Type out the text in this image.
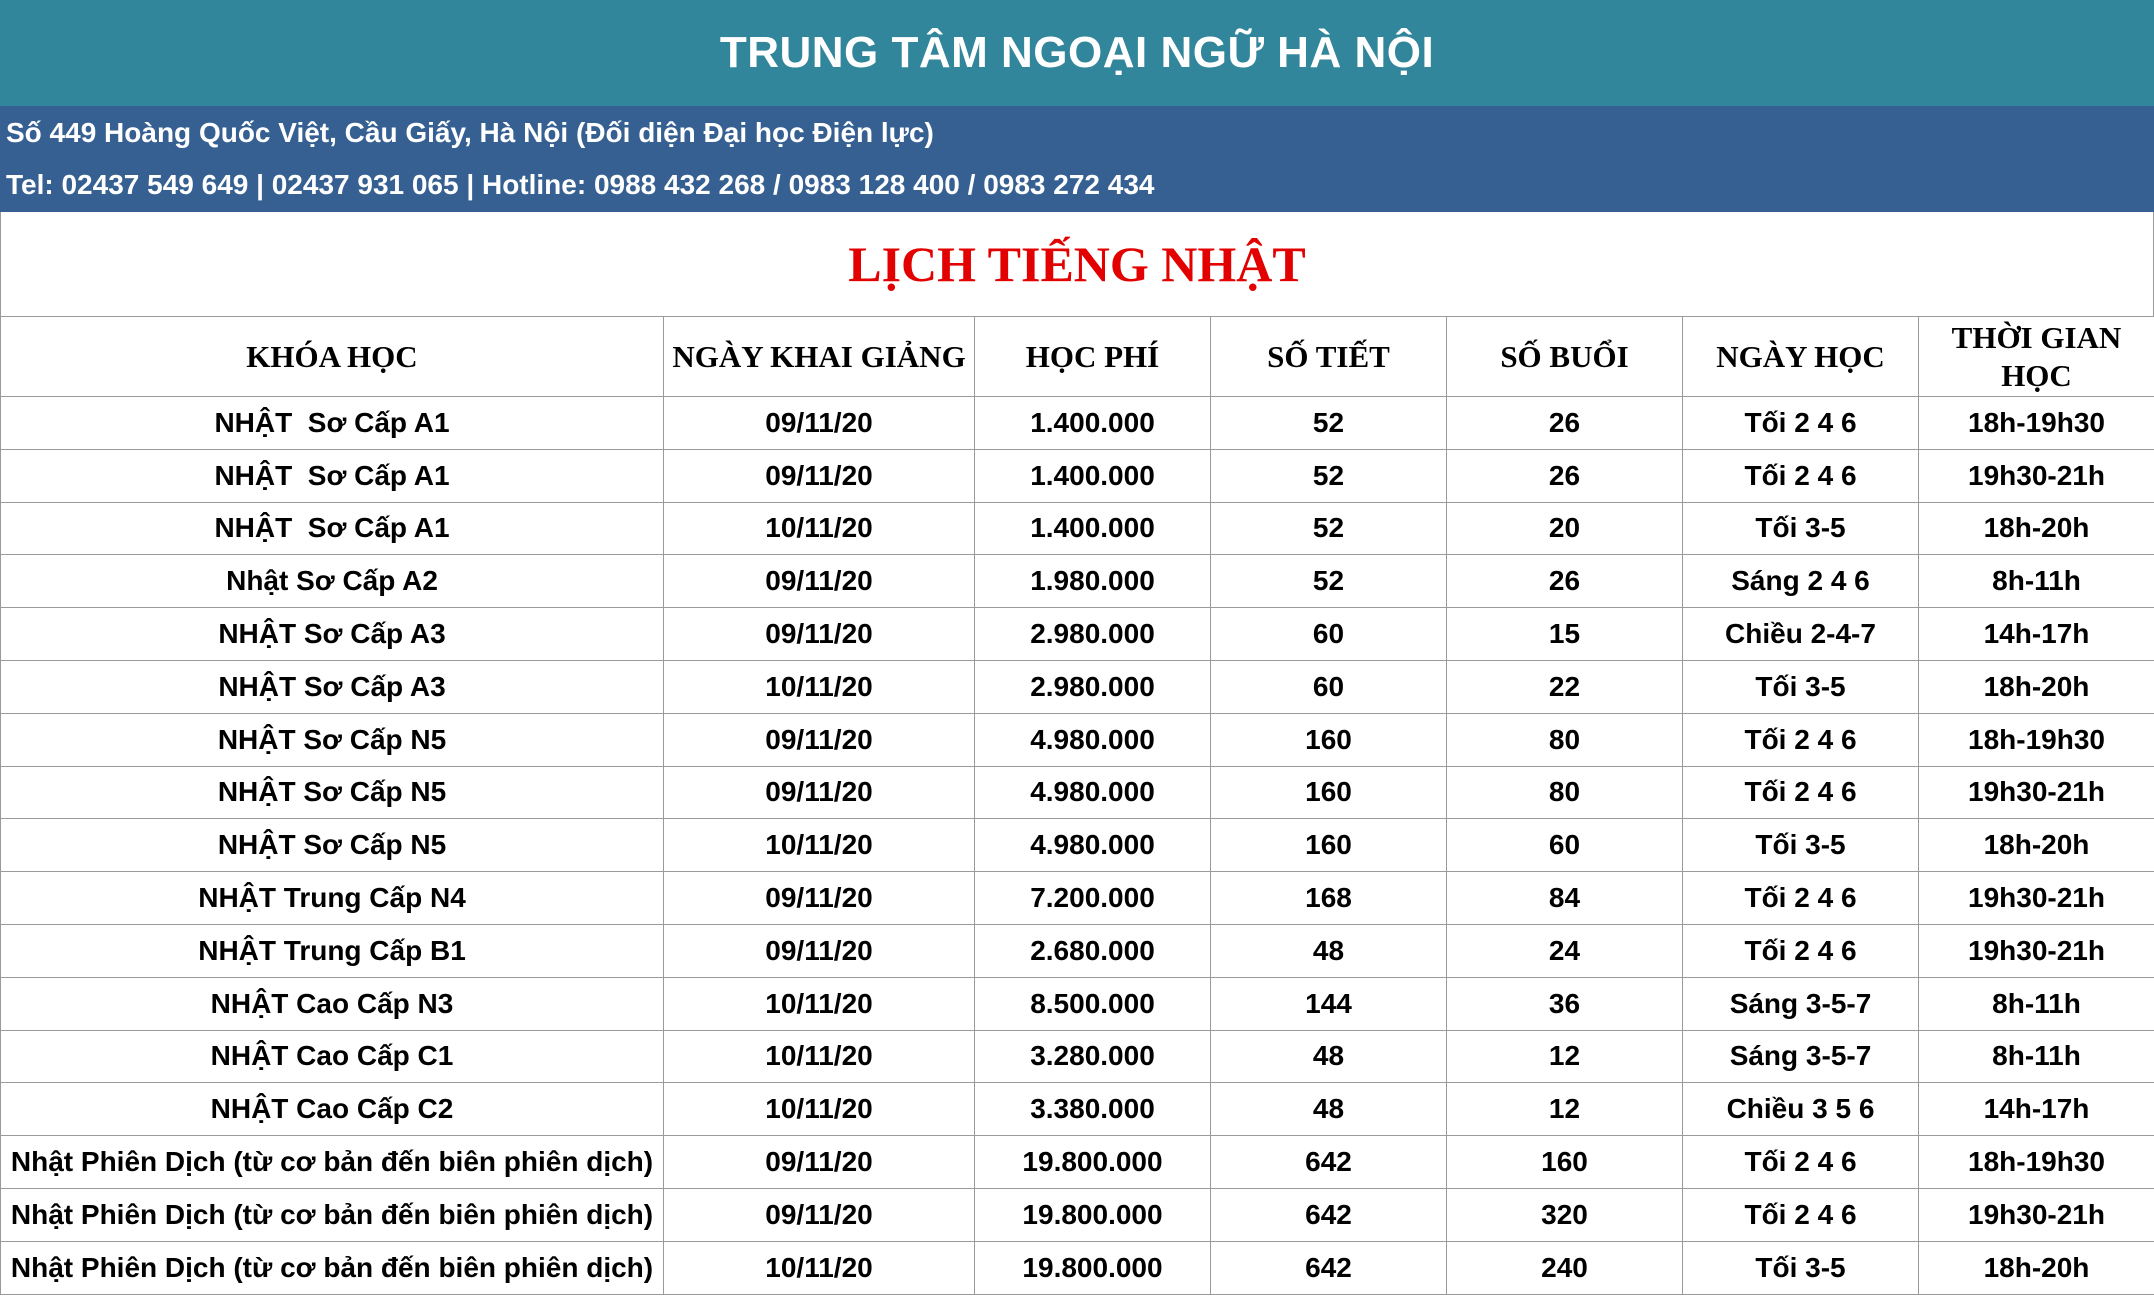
TRUNG TÂM NGOẠI NGỮ HÀ NỘI
Số 449 Hoàng Quốc Việt, Cầu Giấy, Hà Nội (Đối diện Đại học Điện lực)
Tel: 02437 549 649 | 02437 931 065 | Hotline: 0988 432 268 / 0983 128 400 / 0983 272 434
LỊCH TIẾNG NHẬT
KHÓA HỌC	NGÀY KHAI GIẢNG	HỌC PHÍ	SỐ TIẾT	SỐ BUỔI	NGÀY HỌC	THỜI GIAN HỌC
NHẬT  Sơ Cấp A1	09/11/20	1.400.000	52	26	Tối 2 4 6	18h-19h30
NHẬT  Sơ Cấp A1	09/11/20	1.400.000	52	26	Tối 2 4 6	19h30-21h
NHẬT  Sơ Cấp A1	10/11/20	1.400.000	52	20	Tối 3-5	18h-20h
Nhật Sơ Cấp A2	09/11/20	1.980.000	52	26	Sáng 2 4 6	8h-11h
NHẬT Sơ Cấp A3	09/11/20	2.980.000	60	15	Chiều 2-4-7	14h-17h
NHẬT Sơ Cấp A3	10/11/20	2.980.000	60	22	Tối 3-5	18h-20h
NHẬT Sơ Cấp N5	09/11/20	4.980.000	160	80	Tối 2 4 6	18h-19h30
NHẬT Sơ Cấp N5	09/11/20	4.980.000	160	80	Tối 2 4 6	19h30-21h
NHẬT Sơ Cấp N5	10/11/20	4.980.000	160	60	Tối 3-5	18h-20h
NHẬT Trung Cấp N4	09/11/20	7.200.000	168	84	Tối 2 4 6	19h30-21h
NHẬT Trung Cấp B1	09/11/20	2.680.000	48	24	Tối 2 4 6	19h30-21h
NHẬT Cao Cấp N3	10/11/20	8.500.000	144	36	Sáng 3-5-7	8h-11h
NHẬT Cao Cấp C1	10/11/20	3.280.000	48	12	Sáng 3-5-7	8h-11h
NHẬT Cao Cấp C2	10/11/20	3.380.000	48	12	Chiều 3 5 6	14h-17h
Nhật Phiên Dịch (từ cơ bản đến biên phiên dịch)	09/11/20	19.800.000	642	160	Tối 2 4 6	18h-19h30
Nhật Phiên Dịch (từ cơ bản đến biên phiên dịch)	09/11/20	19.800.000	642	320	Tối 2 4 6	19h30-21h
Nhật Phiên Dịch (từ cơ bản đến biên phiên dịch)	10/11/20	19.800.000	642	240	Tối 3-5	18h-20h
